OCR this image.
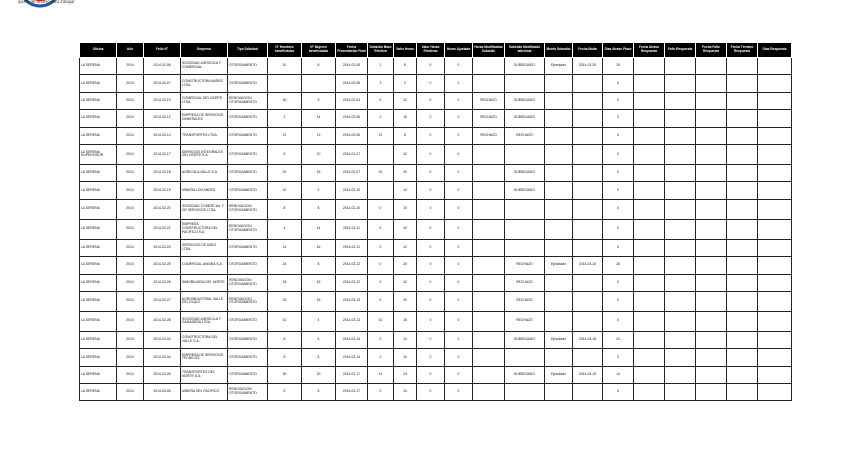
ayuda de acceso para trabajar
Oficina	Año	Folio N°	Empresa	Tipo Solicitud	N° Hombres beneficiados	N° Mujeres beneficiadas	Fecha Presentación Final	Subsidio Base Efectiva	Valor Horas	Valor Horas Efectivas	Horas Ajustada	Horas Modificadas Subsidio	Subsidio Modificado adicional	Monto Subsidio	Fecha Multa	Días Atraso Plazo	Fecha Atraso Respuesta	Folio Respuesta	Fecha Fallo Respuesta	Fecha Término Respuesta	Días Respuesta
LA SERENA	2014	2014-02-06	SOCIEDAD AGRICOLA Y COMERCIAL	OTORGAMIENTO	10	8	2014-02-05	1	8	0	0		SUBSIDIADO	Ejecutado	2014-02-20	15					
LA SERENA	2014	2014-02-07	CONSTRUCTORA ANDES LTDA.	OTORGAMIENTO			2014-02-05	3	2	0	0					0					
LA SERENA	2014	2014-02-10	COMERCIAL DEL NORTE LTDA.	RENOVACION OTORGAMIENTO	40	3	2014-02-04	0	12	0	0	RECHAZO	SUBSIDIADO			0					
LA SERENA	2014	2014-02-12	EMPRESA DE SERVICIOS GENERALES	OTORGAMIENTO	1	14	2014-02-06	0	15	0	0	RECHAZO	SUBSIDIADO			0					
LA SERENA	2014	2014-02-14	TRANSPORTES LTDA.	OTORGAMIENTO	12	13	2014-02-06	12	8	0	0	RECHAZO	RECHAZO			0					
LA SERENA SUPERVISOR	2014	2014-02-17	SERVICIOS INTEGRALES DEL NORTE S.A.	OTORGAMIENTO	5	10	2014-02-07		12	0	0					0					
LA SERENA	2014	2014-02-18	AGRICOLA VALLE S.A.	OTORGAMIENTO	20	15	2014-02-07	10	20	0	0		SUBSIDIADO			0					
LA SERENA	2014	2014-02-19	MINERA LOS ANDES	OTORGAMIENTO	10	2	2014-02-10		10	0	0		SUBSIDIADO			0					
LA SERENA	2014	2014-02-20	SOCIEDAD COMERCIAL Y DE SERVICIOS LTDA.	RENOVACION OTORGAMIENTO	8	8	2014-02-10	0	10	0	0					0					
LA SERENA	2014	2014-02-21	EMPRESA CONSTRUCTORA DEL PACIFICO S.A.	RENOVACION OTORGAMIENTO	4	14	2014-02-11	0	10	0	0					0					
LA SERENA	2014	2014-02-24	SERVICIOS DE ASEO LTDA.	OTORGAMIENTO	14	16	2014-02-11	0	12	0	0					0					
LA SERENA	2014	2014-02-25	COMERCIAL ANDINA S.A.	OTORGAMIENTO	24	8	2014-02-12	0	20	0	0		RECHAZO	Ejecutado	2014-03-10	26					
LA SERENA	2014	2014-02-26	INMOBILIARIA DEL NORTE	RENOVACION OTORGAMIENTO	18	15	2014-02-12	0	12	0	0		RECHAZO			0					
LA SERENA	2014	2014-02-27	AGROINDUSTRIAL VALLE DEL ELQUI	RENOVACION OTORGAMIENTO	32	15	2014-02-13	0	20	0	0		RECHAZO			0					
LA SERENA	2014	2014-02-28	SOCIEDAD AGRICOLA Y GANADERA LTDA.	OTORGAMIENTO	10	4	2014-02-13	10	15	0	0		RECHAZO			0					
LA SERENA	2014	2014-03-03	CONSTRUCTORA DEL VALLE S.A.	OTORGAMIENTO	8	6	2014-02-14	0	12	0	0		SUBSIDIADO	Ejecutado	2014-03-18	22					
LA SERENA	2014	2014-03-04	EMPRESA DE SERVICIOS TECNICOS	OTORGAMIENTO	6	8	2014-02-14	0	10	0	0					0					
LA SERENA	2014	2014-03-05	TRANSPORTES DEL NORTE S.A.	OTORGAMIENTO	30	20	2014-02-17	12	24	0	0		SUBSIDIADO	Ejecutado	2014-03-19	14					
LA SERENA	2014	2014-03-06	MINERA DEL PACIFICO	RENOVACION OTORGAMIENTO	5	8	2014-02-17	0	10	0	0					0					
